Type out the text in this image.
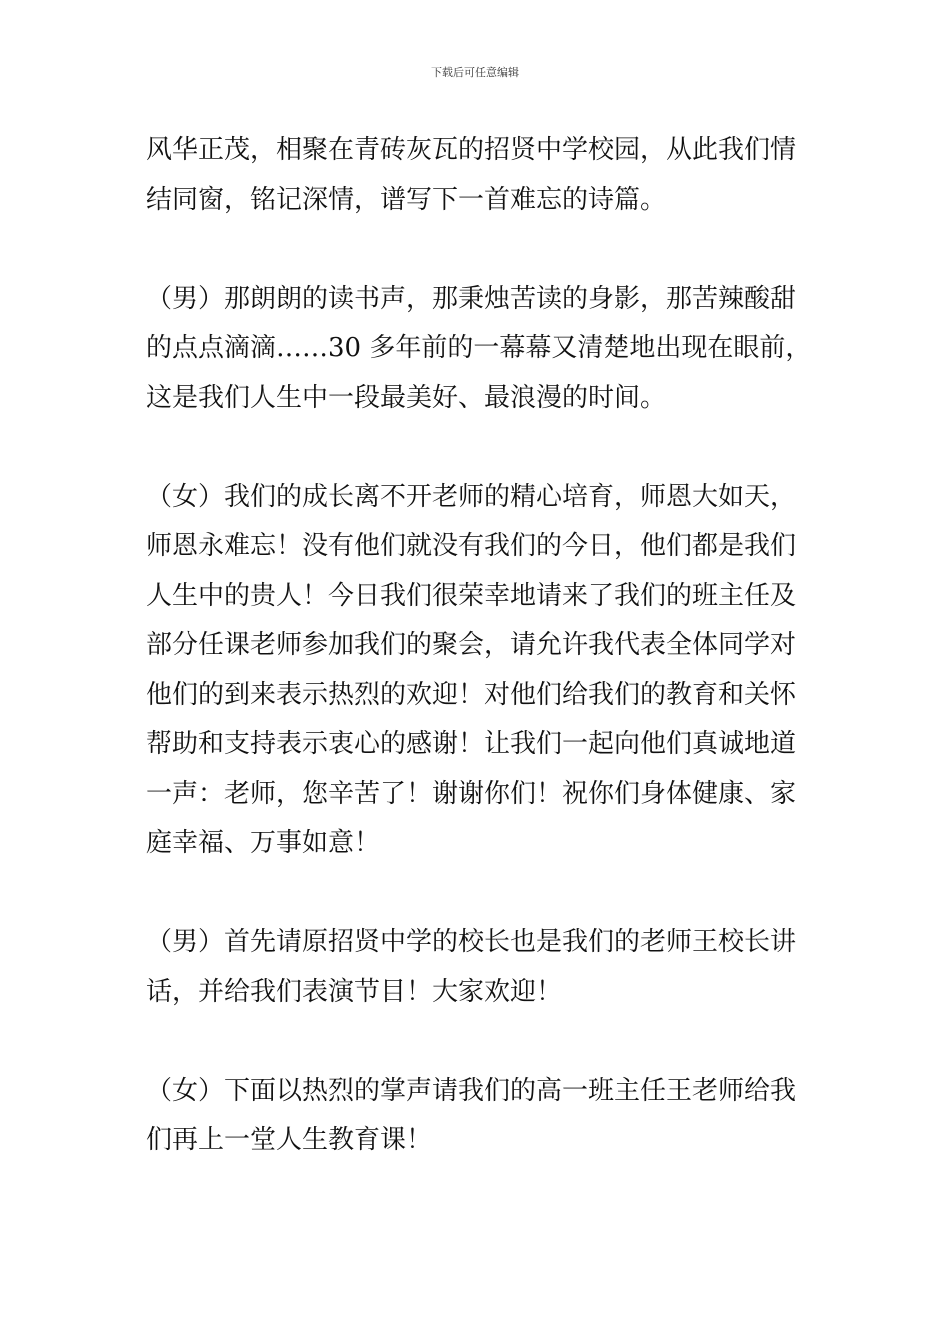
下载后可任意编辑
风华正茂，相聚在青砖灰瓦的招贤中学校园，从此我们情
结同窗，铭记深情，谱写下一首难忘的诗篇。
（男）那朗朗的读书声，那秉烛苦读的身影，那苦辣酸甜
的点点滴滴……30 多年前的一幕幕又清楚地出现在眼前，
这是我们人生中一段最美好、最浪漫的时间。
（女）我们的成长离不开老师的精心培育，师恩大如天，
师恩永难忘！没有他们就没有我们的今日，他们都是我们
人生中的贵人！今日我们很荣幸地请来了我们的班主任及
部分任课老师参加我们的聚会，请允许我代表全体同学对
他们的到来表示热烈的欢迎！对他们给我们的教育和关怀
帮助和支持表示衷心的感谢！让我们一起向他们真诚地道
一声：老师，您辛苦了！谢谢你们！祝你们身体健康、家
庭幸福、万事如意！
（男）首先请原招贤中学的校长也是我们的老师王校长讲
话，并给我们表演节目！大家欢迎！
（女）下面以热烈的掌声请我们的高一班主任王老师给我
们再上一堂人生教育课！
